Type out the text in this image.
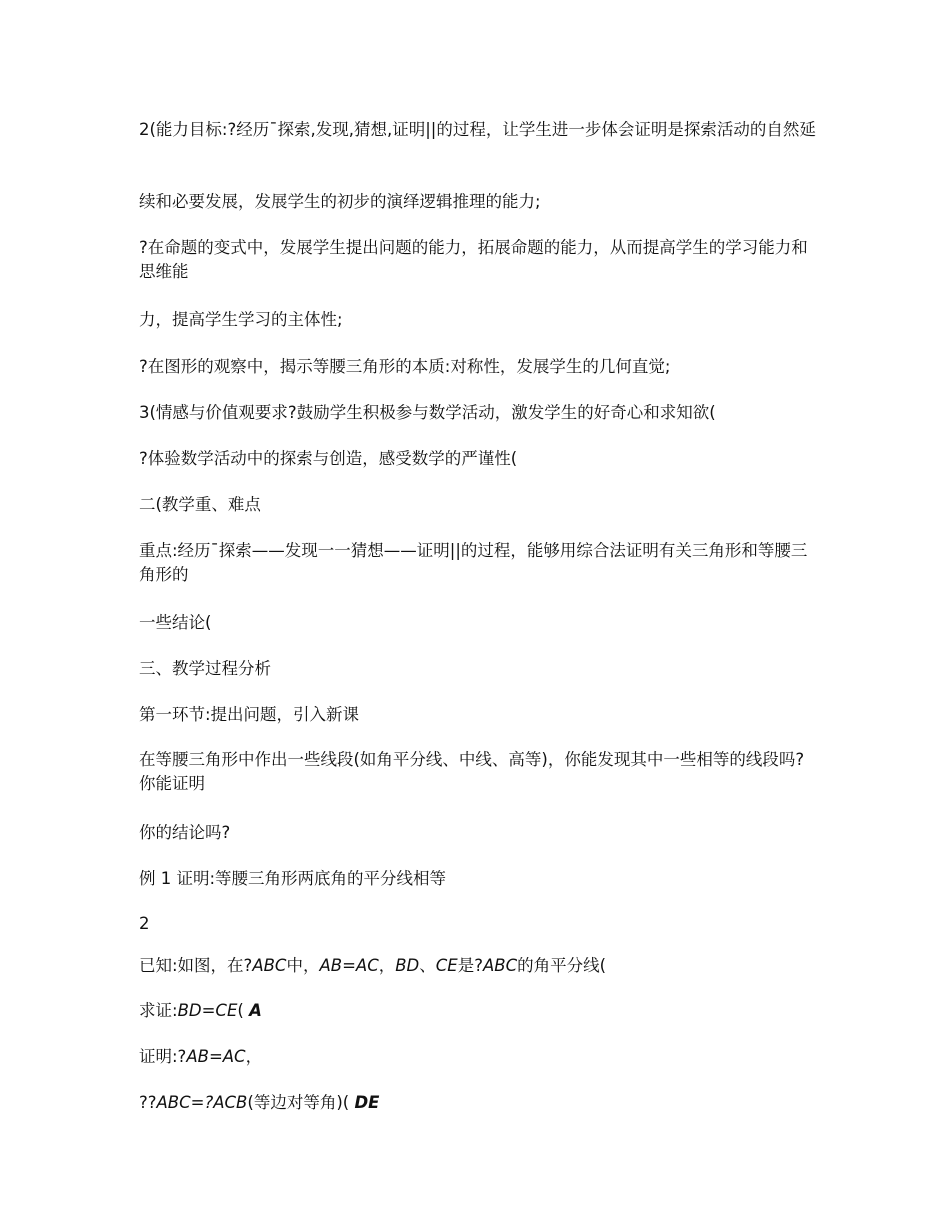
2(能力目标:?经历¯探索,发现,猜想,证明||的过程，让学生进一步体会证明是探索活动的自然延
续和必要发展，发展学生的初步的演绎逻辑推理的能力;
?在命题的变式中，发展学生提出问题的能力，拓展命题的能力，从而提高学生的学习能力和思维能
力，提高学生学习的主体性;
?在图形的观察中，揭示等腰三角形的本质:对称性，发展学生的几何直觉;
3(情感与价值观要求?鼓励学生积极参与数学活动，激发学生的好奇心和求知欲(
?体验数学活动中的探索与创造，感受数学的严谨性(
二(教学重、难点
重点:经历¯探索——发现一一猜想——证明||的过程，能够用综合法证明有关三角形和等腰三角形的
一些结论(
三、教学过程分析
第一环节:提出问题，引入新课
在等腰三角形中作出一些线段(如角平分线、中线、高等)，你能发现其中一些相等的线段吗?你能证明
你的结论吗?
例 1 证明:等腰三角形两底角的平分线相等
2
已知:如图，在?ABC中，AB=AC，BD、CE是?ABC的角平分线(
求证:BD=CE( A
证明:?AB=AC，
??ABC=?ACB(等边对等角)( DE
